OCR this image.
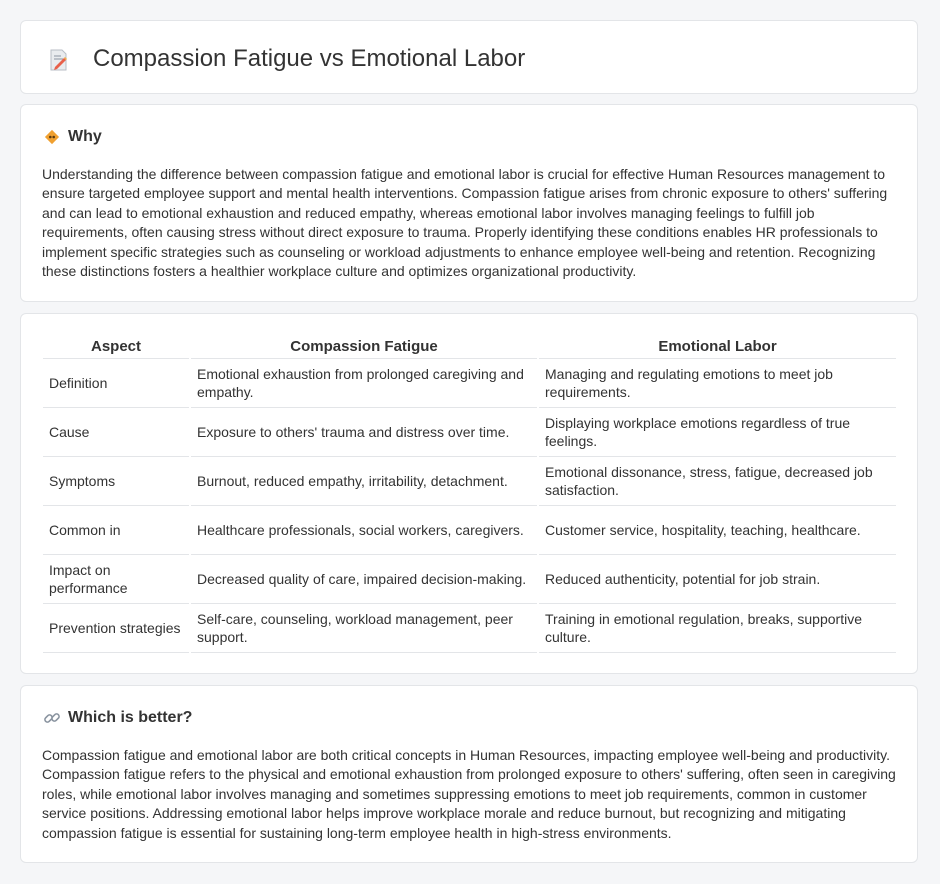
Compassion Fatigue vs Emotional Labor
Why

Understanding the difference between compassion fatigue and emotional labor is crucial for effective Human Resources management to ensure targeted employee support and mental health interventions. Compassion fatigue arises from chronic exposure to others' suffering and can lead to emotional exhaustion and reduced empathy, whereas emotional labor involves managing feelings to fulfill job requirements, often causing stress without direct exposure to trauma. Properly identifying these conditions enables HR professionals to implement specific strategies such as counseling or workload adjustments to enhance employee well-being and retention. Recognizing these distinctions fosters a healthier workplace culture and optimizes organizational productivity.

Aspect	Compassion Fatigue	Emotional Labor
Definition	Emotional exhaustion from prolonged caregiving and empathy.	Managing and regulating emotions to meet job requirements.
Cause	Exposure to others' trauma and distress over time.	Displaying workplace emotions regardless of true feelings.
Symptoms	Burnout, reduced empathy, irritability, detachment.	Emotional dissonance, stress, fatigue, decreased job satisfaction.
Common in	Healthcare professionals, social workers, caregivers.	Customer service, hospitality, teaching, healthcare.
Impact on performance	Decreased quality of care, impaired decision-making.	Reduced authenticity, potential for job strain.
Prevention strategies	Self-care, counseling, workload management, peer support.	Training in emotional regulation, breaks, supportive culture.
Which is better?

Compassion fatigue and emotional labor are both critical concepts in Human Resources, impacting employee well-being and productivity. Compassion fatigue refers to the physical and emotional exhaustion from prolonged exposure to others' suffering, often seen in caregiving roles, while emotional labor involves managing and sometimes suppressing emotions to meet job requirements, common in customer service positions. Addressing emotional labor helps improve workplace morale and reduce burnout, but recognizing and mitigating compassion fatigue is essential for sustaining long-term employee health in high-stress environments.
